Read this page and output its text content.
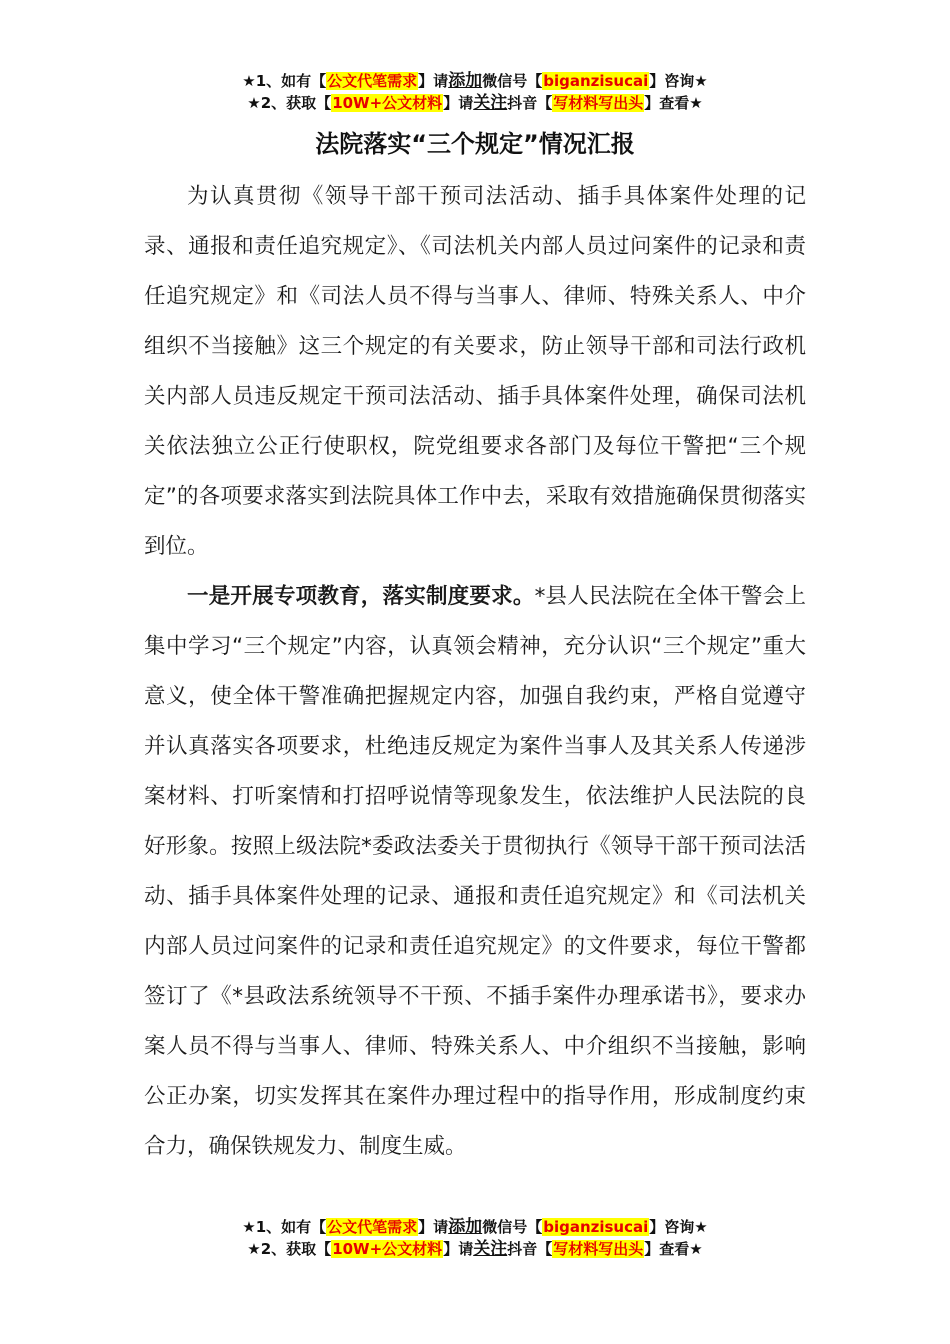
★1、如有【公文代笔需求】请添加微信号【biganzisucai】咨询★
★2、获取【10W+公文材料】请关注抖音【写材料写出头】查看★
法院落实“三个规定”情况汇报

为认真贯彻《领导干部干预司法活动、插手具体案件处理的记录、通报和责任追究规定》、《司法机关内部人员过问案件的记录和责任追究规定》和《司法人员不得与当事人、律师、特殊关系人、中介组织不当接触》这三个规定的有关要求，防止领导干部和司法行政机关内部人员违反规定干预司法活动、插手具体案件处理，确保司法机关依法独立公正行使职权，院党组要求各部门及每位干警把“三个规定”的各项要求落实到法院具体工作中去，采取有效措施确保贯彻落实到位。

一是开展专项教育，落实制度要求。*县人民法院在全体干警会上集中学习“三个规定”内容，认真领会精神，充分认识“三个规定”重大意义，使全体干警准确把握规定内容，加强自我约束，严格自觉遵守并认真落实各项要求，杜绝违反规定为案件当事人及其关系人传递涉案材料、打听案情和打招呼说情等现象发生，依法维护人民法院的良好形象。按照上级法院*委政法委关于贯彻执行《领导干部干预司法活动、插手具体案件处理的记录、通报和责任追究规定》和《司法机关内部人员过问案件的记录和责任追究规定》的文件要求，每位干警都签订了《*县政法系统领导不干预、不插手案件办理承诺书》，要求办案人员不得与当事人、律师、特殊关系人、中介组织不当接触，影响公正办案，切实发挥其在案件办理过程中的指导作用，形成制度约束合力，确保铁规发力、制度生威。

★1、如有【公文代笔需求】请添加微信号【biganzisucai】咨询★
★2、获取【10W+公文材料】请关注抖音【写材料写出头】查看★
